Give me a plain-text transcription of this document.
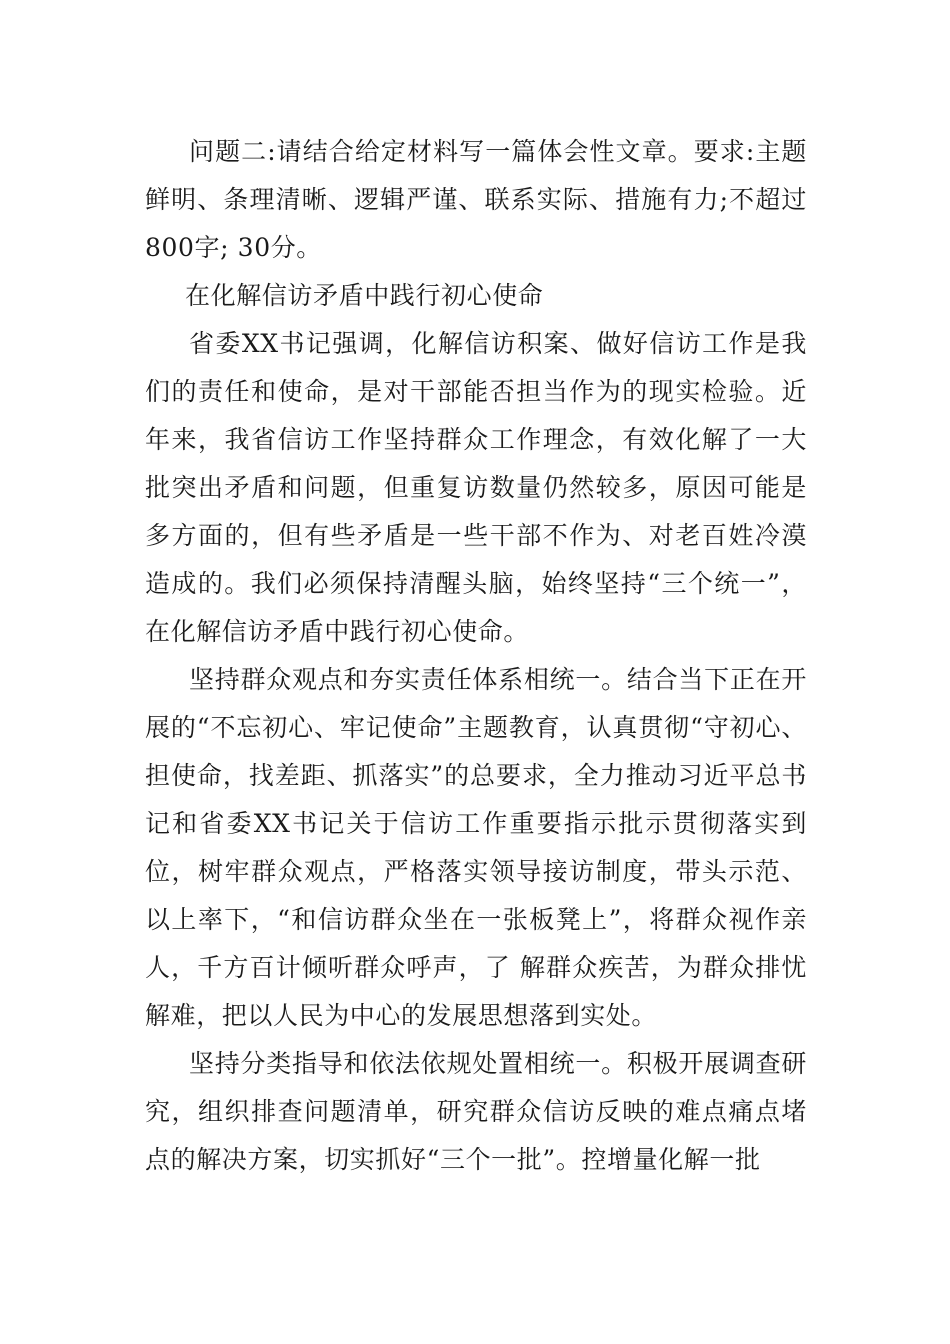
问题二:请结合给定材料写一篇体会性文章。要求:主题鲜明、条理清晰、逻辑严谨、联系实际、措施有力;不超过800字; 30分。

在化解信访矛盾中践行初心使命

省委XX书记强调，化解信访积案、做好信访工作是我们的责任和使命，是对干部能否担当作为的现实检验。近年来，我省信访工作坚持群众工作理念，有效化解了一大批突出矛盾和问题，但重复访数量仍然较多，原因可能是多方面的，但有些矛盾是一些干部不作为、对老百姓冷漠造成的。我们必须保持清醒头脑，始终坚持“三个统一”，在化解信访矛盾中践行初心使命。

坚持群众观点和夯实责任体系相统一。结合当下正在开展的“不忘初心、牢记使命”主题教育，认真贯彻“守初心、担使命，找差距、抓落实”的总要求，全力推动习近平总书记和省委XX书记关于信访工作重要指示批示贯彻落实到位，树牢群众观点，严格落实领导接访制度，带头示范、以上率下，“和信访群众坐在一张板凳上”，将群众视作亲人，千方百计倾听群众呼声，了 解群众疾苦，为群众排忧解难，把以人民为中心的发展思想落到实处。

坚持分类指导和依法依规处置相统一。积极开展调查研究，组织排查问题清单，研究群众信访反映的难点痛点堵点的解决方案，切实抓好“三个一批”。控增量化解一批
